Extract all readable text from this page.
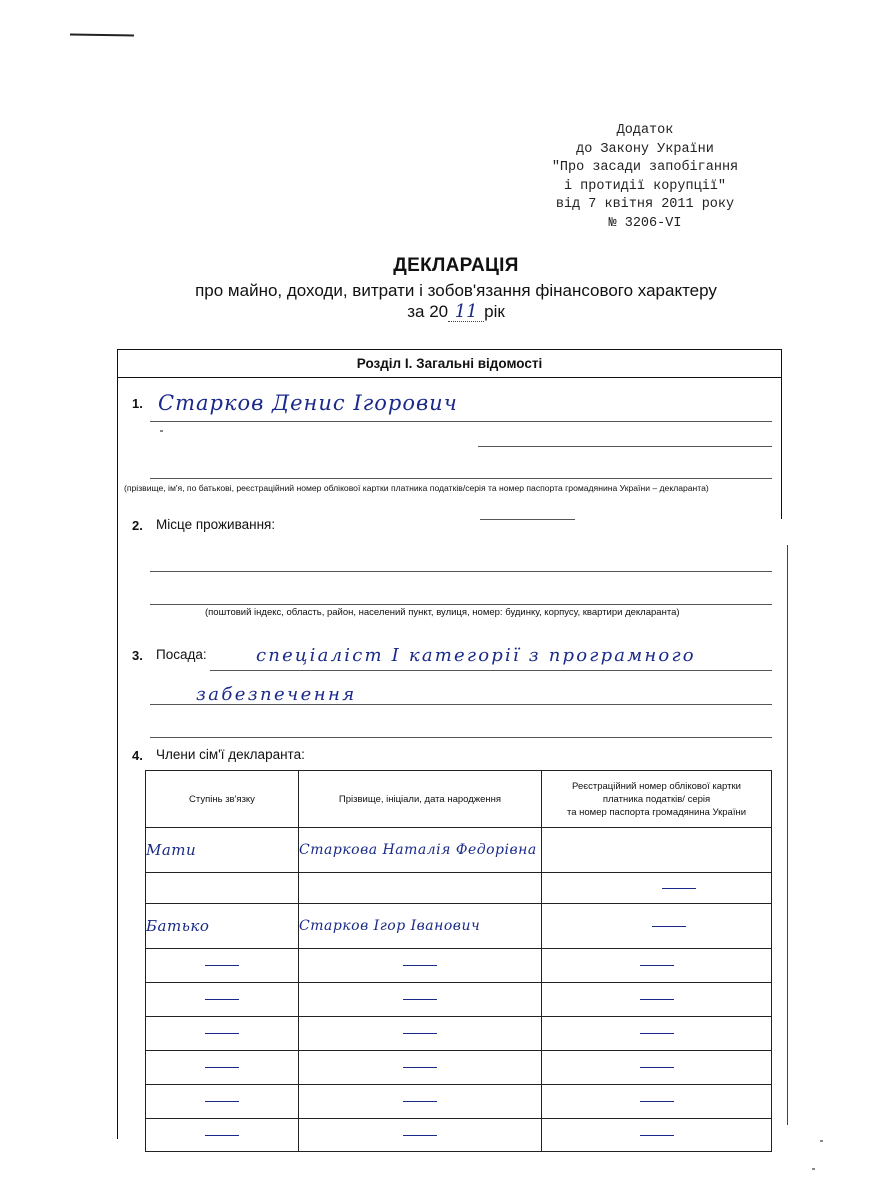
Додаток
до Закону України
"Про засади запобігання
і протидії корупції"
від 7 квітня 2011 року
№ 3206-VI
ДЕКЛАРАЦІЯ
про майно, доходи, витрати і зобов'язання фінансового характеру
за 20 11 рік
Розділ І. Загальні відомості
1. Старков Денис Ігорович
(прізвище, ім'я, по батькові, реєстраційний номер облікової картки платника податків/серія та номер паспорта громадянина України – декларанта)
2. Місце проживання:
(поштовий індекс, область, район, населений пункт, вулиця, номер: будинку, корпусу, квартири декларанта)
3. Посада:	спеціаліст I категорії з програмного
забезпечення
4. Члени сім'ї декларанта:
Ступінь зв'язку	Прізвище, ініціали, дата народження	Реєстраційний номер облікової картки
платника податків/ серія
та номер паспорта громадянина України

Мати	Старкова Наталія Федорівна	

Батько	Старков Ігор Іванович	
